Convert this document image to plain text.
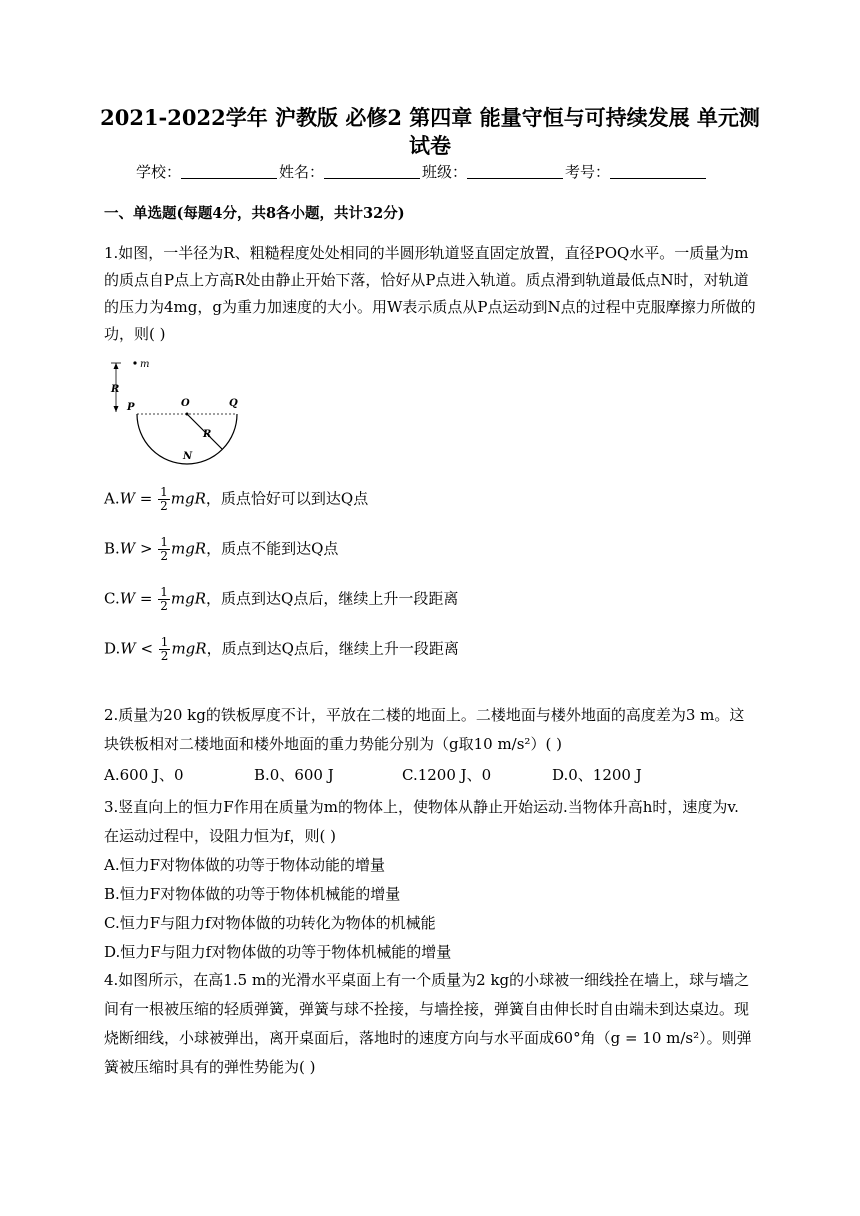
2021-2022学年 沪教版 必修2 第四章 能量守恒与可持续发展 单元测试卷
学校：	姓名：	班级：	考号：
一、单选题(每题4分，共8各小题，共计32分)
1.如图，一半径为R、粗糙程度处处相同的半圆形轨道竖直固定放置，直径POQ水平。一质量为m的质点自P点上方高R处由静止开始下落，恰好从P点进入轨道。质点滑到轨道最低点N时，对轨道的压力为4mg，g为重力加速度的大小。用W表示质点从P点运动到N点的过程中克服摩擦力所做的功，则( )
m
R
P	O	Q
R
N
$A.W = \frac{1}{2}$ mgR，质点恰好可以到达Q点
$B.W > \frac{1}{2}$ mgR，质点不能到达Q点
$C.W = \frac{1}{2}$ mgR，质点到达Q点后，继续上升一段距离
$D.W < \frac{1}{2}$ mgR，质点到达Q点后，继续上升一段距离
2.质量为20 kg的铁板厚度不计，平放在二楼的地面上。二楼地面与楼外地面的高度差为3 m。这
块铁板相对二楼地面和楼外地面的重力势能分别为（g取10 m/s²）( )
A.600 J、0	B.0、600 J	C.1200 J、0	D.0、1200 J
3.竖直向上的恒力F作用在质量为m的物体上，使物体从静止开始运动.当物体升高h时，速度为v.
在运动过程中，设阻力恒为f，则( )
A.恒力F对物体做的功等于物体动能的增量
B.恒力F对物体做的功等于物体机械能的增量
C.恒力F与阻力f对物体做的功转化为物体的机械能
D.恒力F与阻力f对物体做的功等于物体机械能的增量
4.如图所示，在高1.5 m的光滑水平桌面上有一个质量为2 kg的小球被一细线拴在墙上，球与墙之间有一根被压缩的轻质弹簧，弹簧与球不拴接，与墙拴接，弹簧自由伸长时自由端未到达桌边。现烧断细线，小球被弹出，离开桌面后，落地时的速度方向与水平面成60°角（g = 10 m/s²）。则弹簧被压缩时具有的弹性势能为( )
